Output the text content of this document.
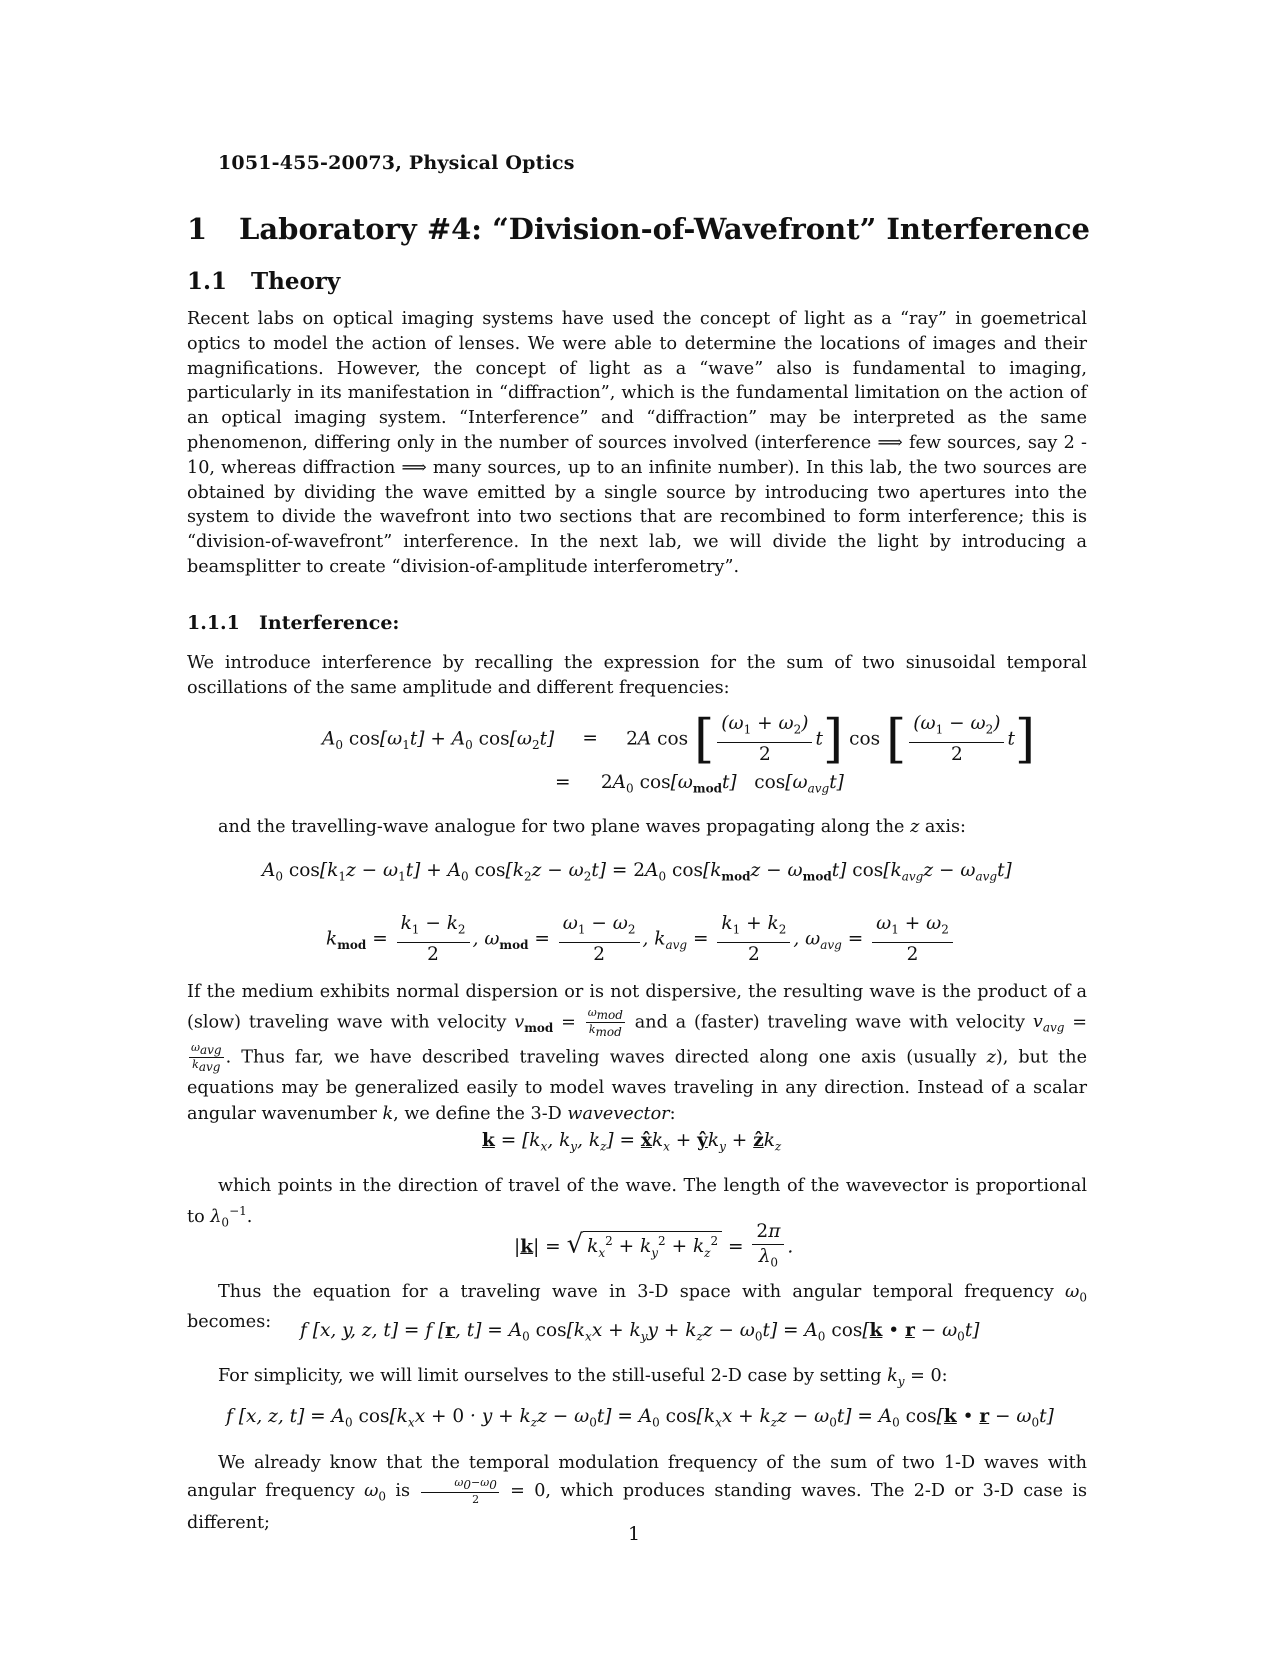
1051-455-20073, Physical Optics
1 Laboratory #4: “Division-of-Wavefront” Interference
1.1 Theory
Recent labs on optical imaging systems have used the concept of light as a “ray” in goemetrical optics to model the action of lenses. We were able to determine the locations of images and their magnifications. However, the concept of light as a “wave” also is fundamental to imaging, particularly in its manifestation in “diffraction”, which is the fundamental limitation on the action of an optical imaging system. “Interference” and “diffraction” may be interpreted as the same phenomenon, differing only in the number of sources involved (interference ⟹ few sources, say 2 - 10, whereas diffraction ⟹ many sources, up to an infinite number). In this lab, the two sources are obtained by dividing the wave emitted by a single source by introducing two apertures into the system to divide the wavefront into two sections that are recombined to form interference; this is “division-of-wavefront” interference. In the next lab, we will divide the light by introducing a beamsplitter to create “division-of-amplitude interferometry”.
1.1.1 Interference:
We introduce interference by recalling the expression for the sum of two sinusoidal temporal oscillations of the same amplitude and different frequencies:
$A_0$ $\cos[\omega_1t] + A_0$ $\cos[\omega_2t] = 2A$ cos [ $\frac{(\omega_1 + \omega_2)}{2} t$] cos [ $\frac{(\omega_1 - \omega_2)}{2} t$]
= $2A_0$ $\cos[\omega_{mod}t]$   $\cos[\omega_{avg}t]$
and the travelling-wave analogue for two plane waves propagating along the z axis:
$A_0$ $\cos[k_1z - \omega_1t] + A_0$ $\cos[k_2z - \omega_2t] = 2A_0$ $\cos[k_{mod}z - \omega_{mod}t] \cos[k_{avg}z - \omega_{avg}t]$
$k_{mod} = \frac{k_1 - k_2}{2}$ , $\omega_{mod} = \frac{\omega_1 - \omega_2}{2}$ , $k_{avg} = \frac{k_1 + k_2}{2}$ , $\omega_{avg} = \frac{\omega_1 + \omega_2}{2}$
If the medium exhibits normal dispersion or is not dispersive, the resulting wave is the product of a (slow) traveling wave with velocity $v_{mod}$ =
$\omega_{mod}$
$k_{mod}$ and a (faster) traveling wave with velocity $v_{avg}$ =
$\omega_{avg}$
$k_{avg}$ . Thus far, we have described traveling waves directed along one axis (usually z), but the equations may be generalized easily to model waves traveling in any direction. Instead of a scalar angular wavenumber k, we define the 3-D wavevector:
$k = [k_x$, $k_y$, $k_z$] = $x̂k_x$ + $ŷk_y$ + ẑk$_z$
which points in the direction of travel of the wave. The length of the wavevector is proportional to $\lambda_0^{-1}$.
|k| = √ $k_x^2 + k_y^2 + k_z^2 = \frac{2\pi}{\lambda_0}$ .
Thus the equation for a traveling wave in 3-D space with angular temporal frequency $\omega_0$ becomes:	f [x, y, z, t] = f [r, $t] = A_0$ $\cos[k_xx + k_yy + k_zz - \omega_0t] = A_0$ cos[k • $r - \omega_0t$]
For simplicity, we will limit ourselves to the still-useful 2-D case by setting $k_y = 0$:
f [x, z, $t] = A_0$ $\cos[k_xx + 0 \cdot y + k_zz - \omega_0t] = A_0$ $\cos[k_xx + k_zz - \omega_0t] = A_0$ cos[k • $r - \omega_0t$]
We already know that the temporal modulation frequency of the sum of two 1-D waves with angular frequency $\omega_0$ is $\frac{\omega_0-\omega_0}{2} = 0$, which produces standing waves. The 2-D or 3-D case is different;
1
